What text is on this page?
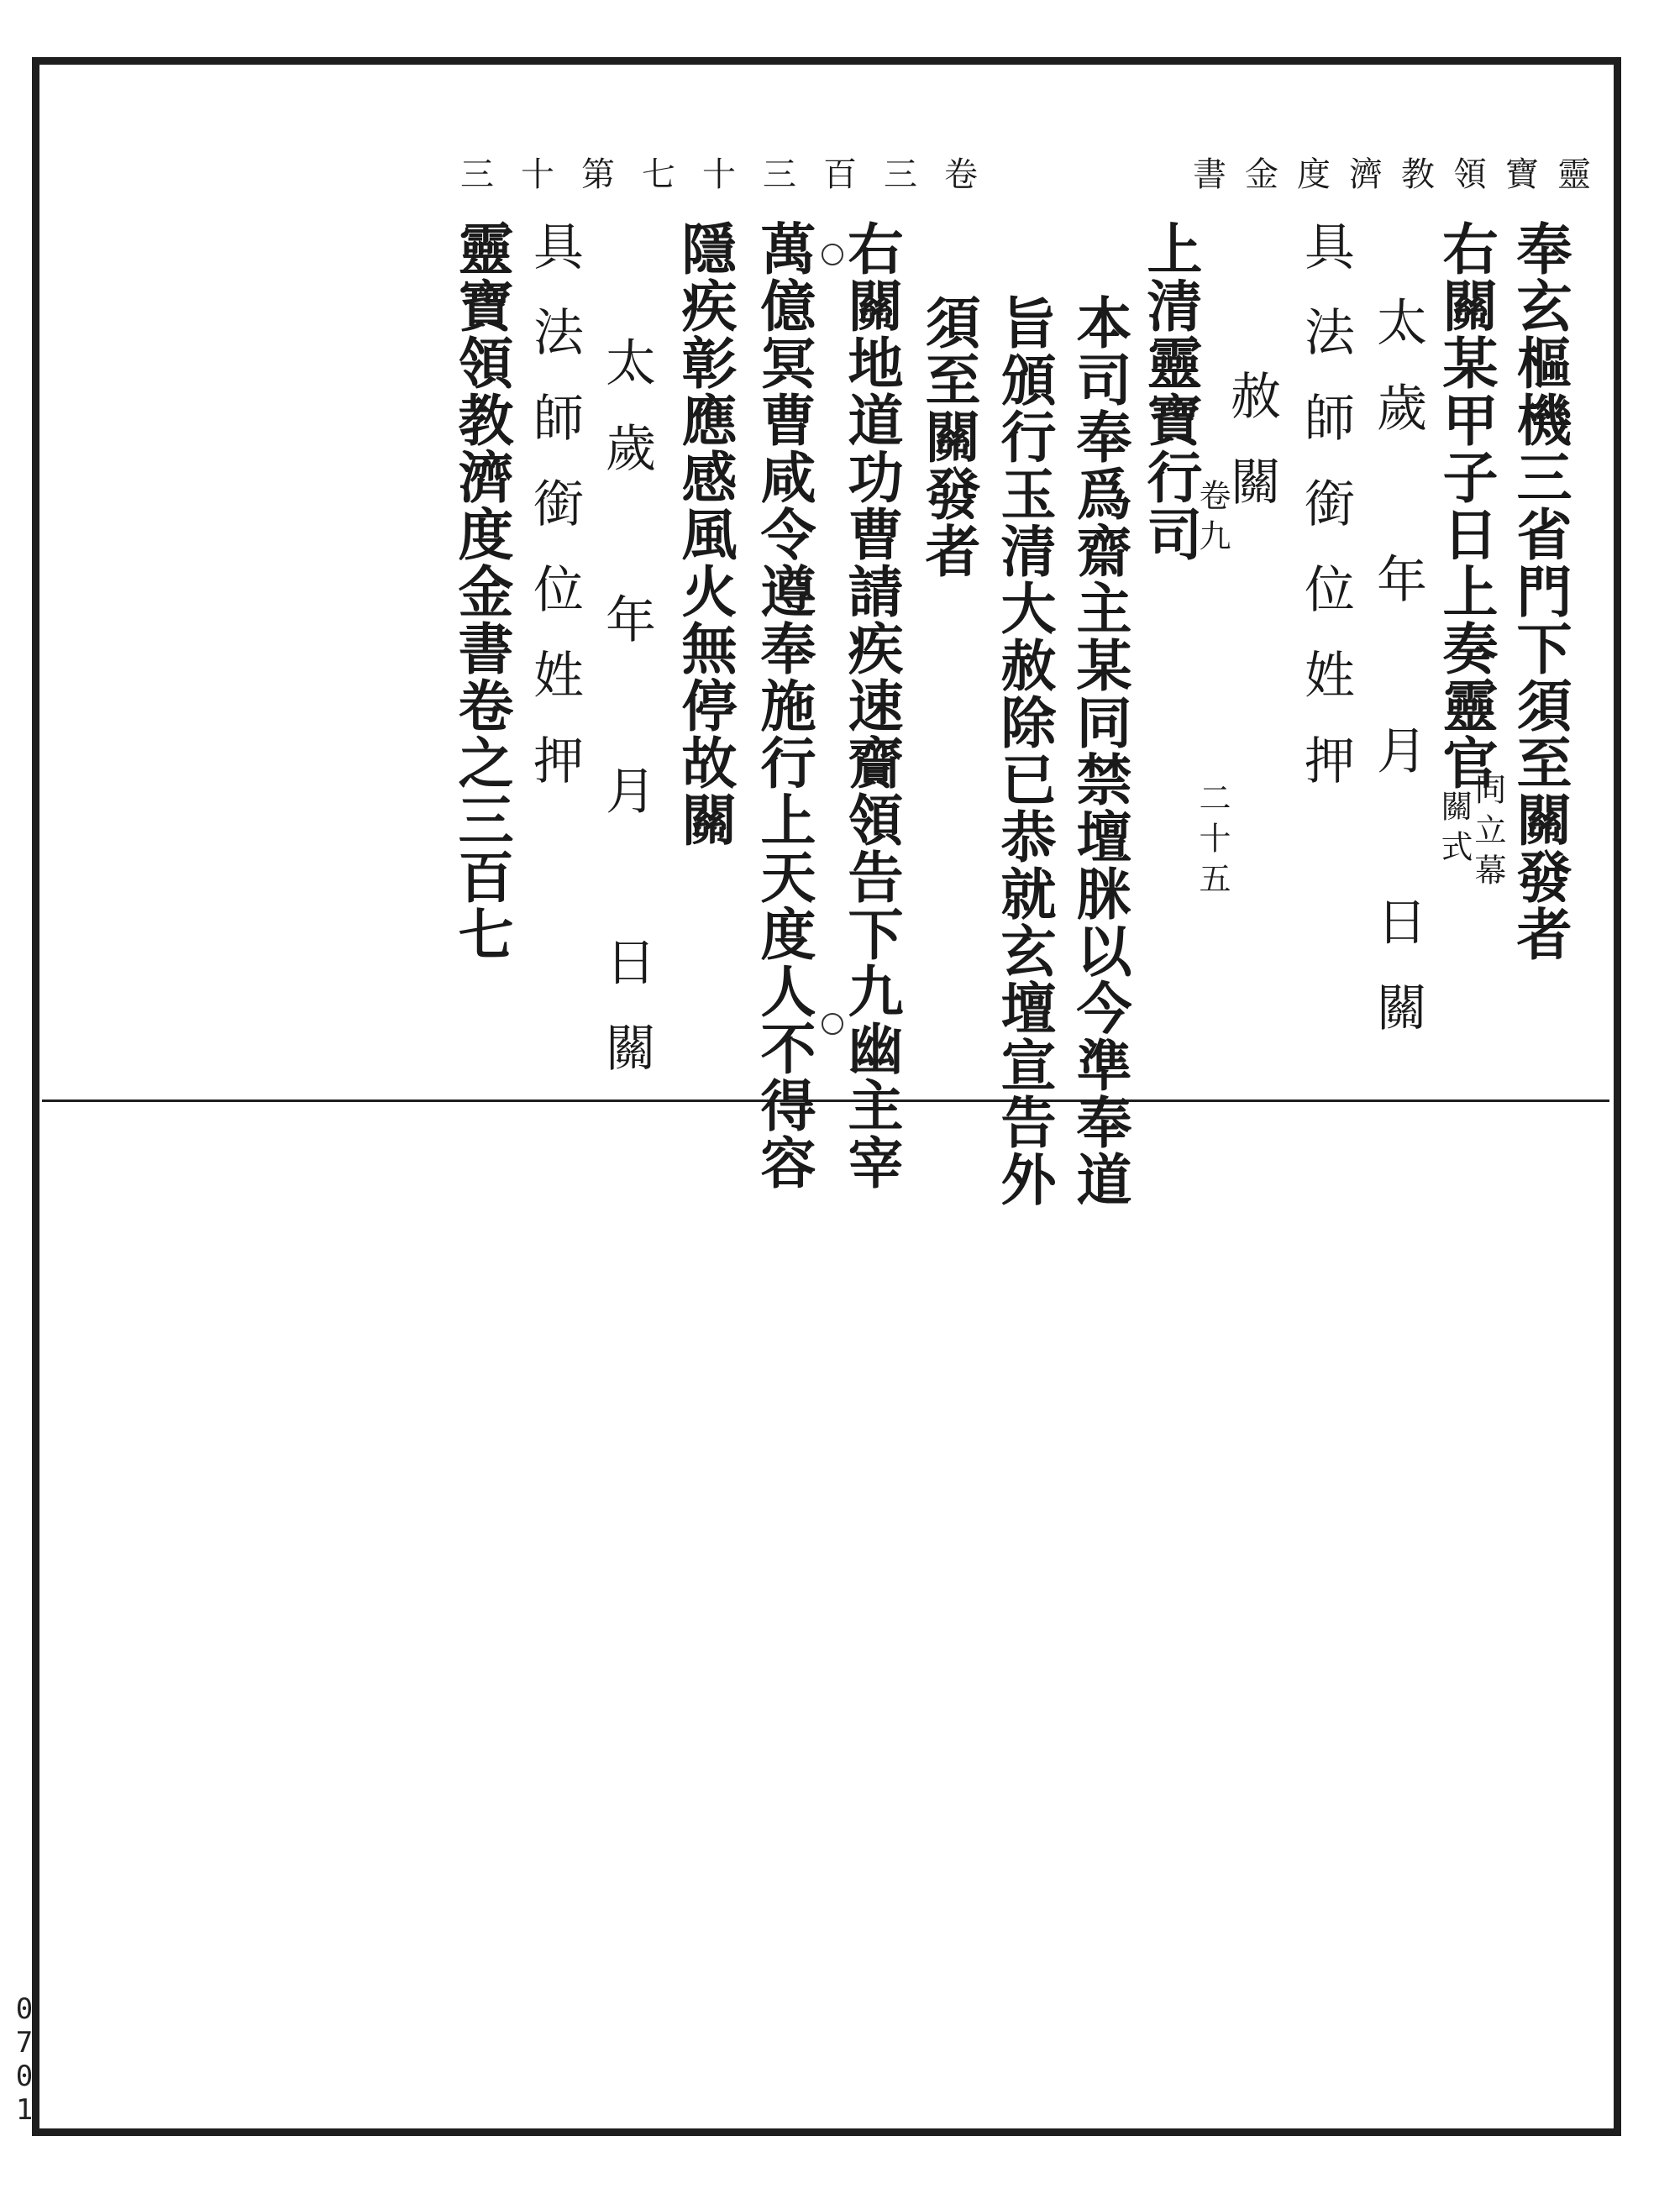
靈寶領教濟度金書
卷三百三十七第十三
奉玄樞機三省門下須至關發者
右關某甲子日上奏靈官
同立幕
太歲　年　月　日關 關式
具法師銜位姓押
赦關
上清靈寶行司
卷九
二十五
本司奉爲齋主某同禁壇脒以今準奉道
旨頒行玉清大赦除已恭就玄壇宣告外
須至關發者
右關地道功曹請疾速齎領告下九幽主宰
萬億冥曹咸令遵奉施行上天度人不得容
隱疾彰應感風火無停故關
太歲　年　月　日關
具法師銜位姓押
靈寶領教濟度金書卷之三百七
0701
